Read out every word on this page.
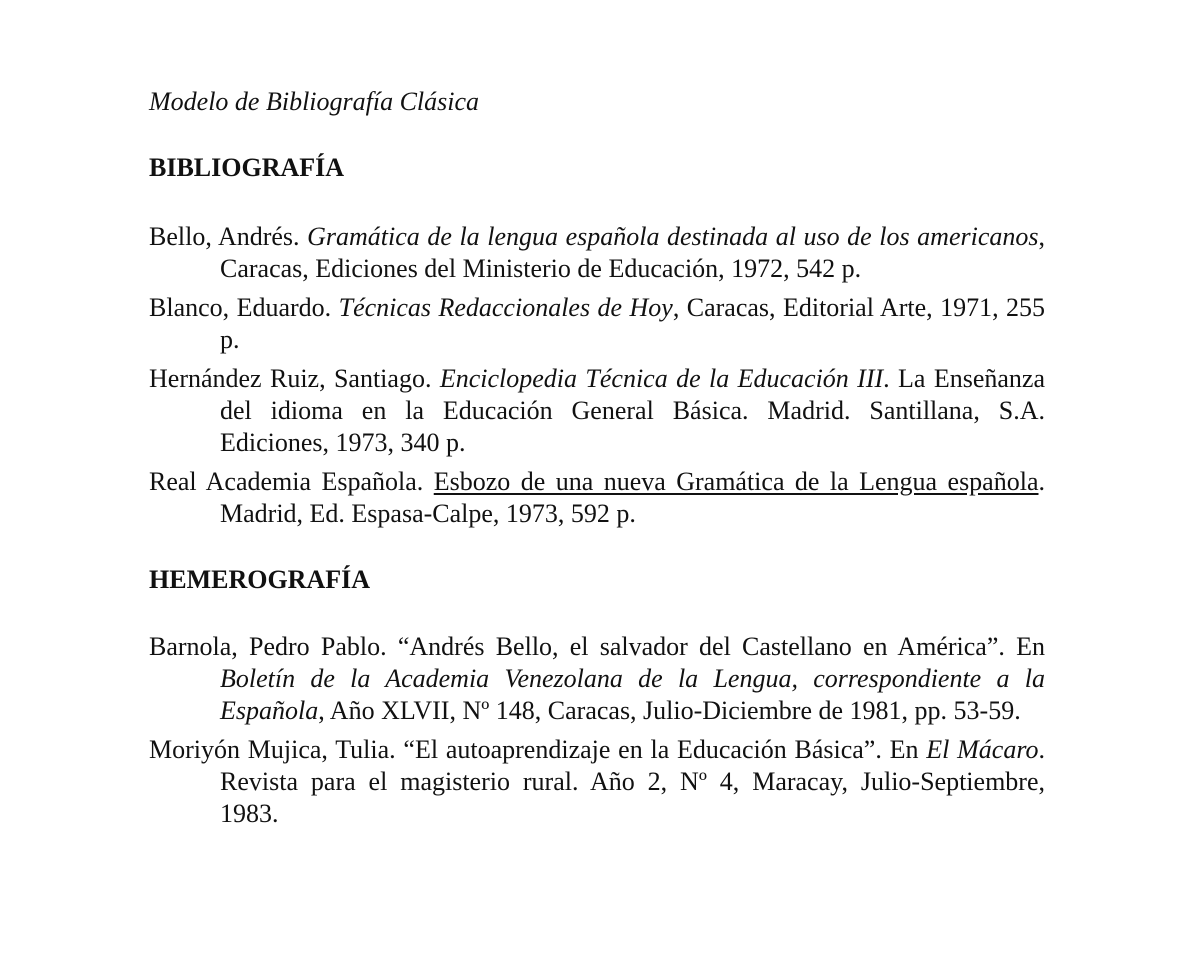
Modelo de Bibliografía Clásica

BIBLIOGRAFÍA
Bello, Andrés. Gramática de la lengua española destinada al uso de los americanos, Caracas, Ediciones del Ministerio de Educación, 1972, 542 p.
Blanco, Eduardo. Técnicas Redaccionales de Hoy, Caracas, Editorial Arte, 1971, 255 p.
Hernández Ruiz, Santiago. Enciclopedia Técnica de la Educación III. La Enseñanza del idioma en la Educación General Básica. Madrid. Santillana, S.A. Ediciones, 1973, 340 p.
Real Academia Española. Esbozo de una nueva Gramática de la Lengua española. Madrid, Ed. Espasa-Calpe, 1973, 592 p.
HEMEROGRAFÍA
Barnola, Pedro Pablo. “Andrés Bello, el salvador del Castellano en América”. En Boletín de la Academia Venezolana de la Lengua, correspondiente a la Española, Año XLVII, Nº 148, Caracas, Julio-Diciembre de 1981, pp. 53-59.
Moriyón Mujica, Tulia. “El autoaprendizaje en la Educación Básica”. En El Mácaro. Revista para el magisterio rural. Año 2, Nº 4, Maracay, Julio-Septiembre, 1983.
